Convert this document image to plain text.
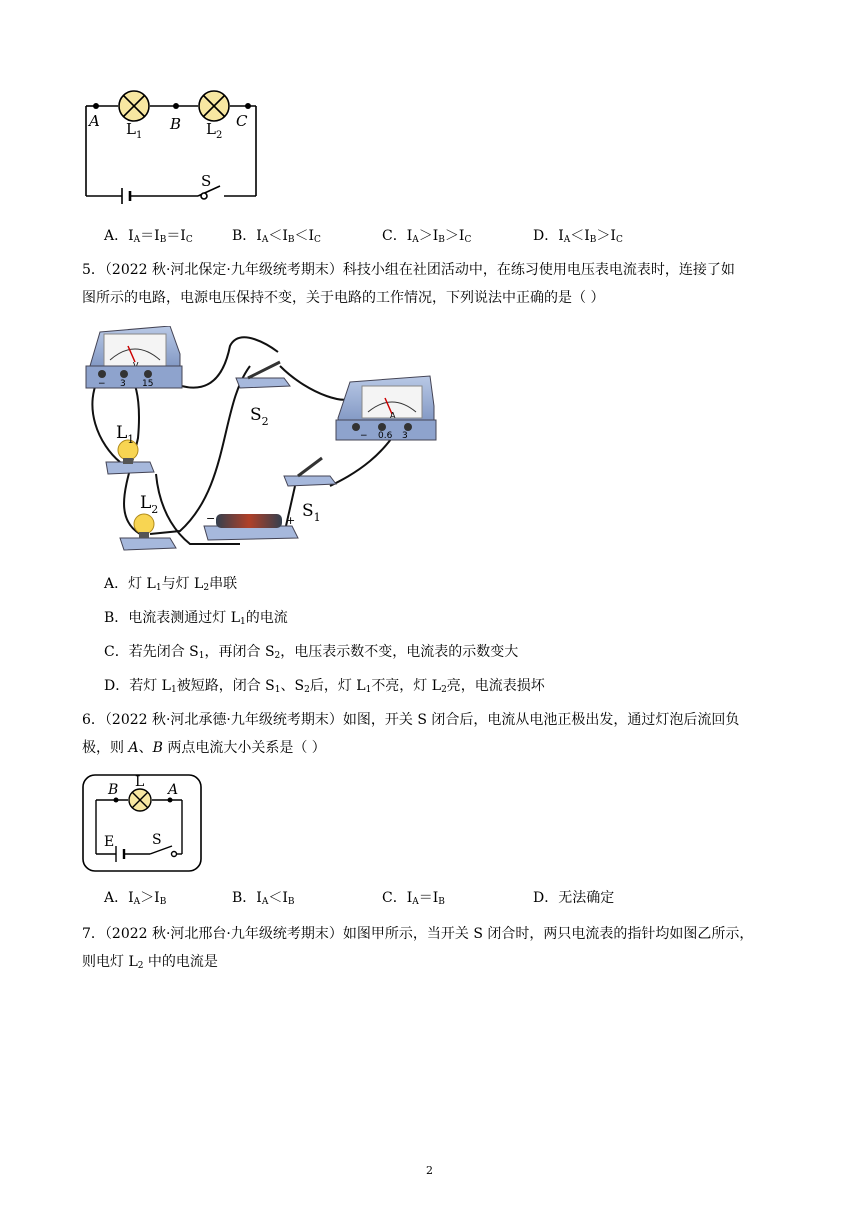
A	B	C
$L_1$	$L_2$
S
A．$I_A=I_B=I_C$	B．$I_A<I_B<I_C$	C．$I_A>I_B>I_C$	D．$I_A<I_B>I_C$
5．（2022 秋·河北保定·九年级统考期末）科技小组在社团活动中，在练习使用电压表电流表时，连接了如
图所示的电路，电源电压保持不变，关于电路的工作情况，下列说法中正确的是（ ）
− 3 15
A
− 0.6 3
$S_2$
$S_1$
$L_1$
$L_2$
−	+
A．灯 $L_1$与灯 $L_2$串联
B．电流表测通过灯 $L_1$的电流
C．若先闭合 $S_1$，再闭合 $S_2$，电压表示数不变，电流表的示数变大
D．若灯 $L_1$被短路，闭合 $S_1$、$S_2$后，灯 $L_1$不亮，灯 $L_2$亮，电流表损坏
6．（2022 秋·河北承德·九年级统考期末）如图，开关 S 闭合后，电流从电池正极出发，通过灯泡后流回负
极，则 A、B 两点电流大小关系是（ ）
B L A
E	S
A．$I_A>I_B$	B．$I_A<I_B$	C．$I_A=I_B$	D．无法确定
7．（2022 秋·河北邢台·九年级统考期末）如图甲所示，当开关 S 闭合时，两只电流表的指针均如图乙所示，
则电灯 $L_2$ 中的电流是
2
